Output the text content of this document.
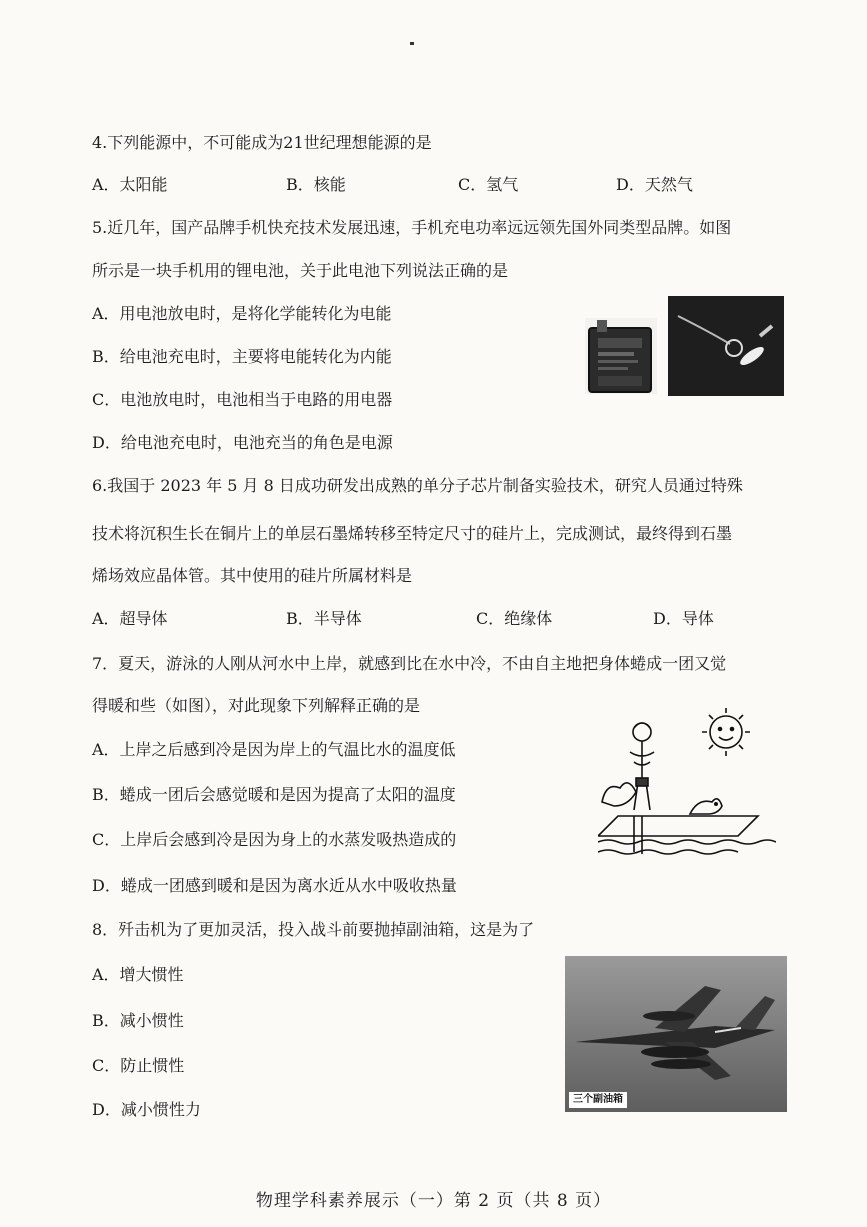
4.下列能源中，不可能成为21世纪理想能源的是
A．太阳能	B．核能	C．氢气	D．天然气
5.近几年，国产品牌手机快充技术发展迅速，手机充电功率远远领先国外同类型品牌。如图
所示是一块手机用的锂电池，关于此电池下列说法正确的是
A．用电池放电时，是将化学能转化为电能
B．给电池充电时，主要将电能转化为内能
C．电池放电时，电池相当于电路的用电器
D．给电池充电时，电池充当的角色是电源
6.我国于 2023 年 5 月 8 日成功研发出成熟的单分子芯片制备实验技术，研究人员通过特殊
技术将沉积生长在铜片上的单层石墨烯转移至特定尺寸的硅片上，完成测试，最终得到石墨
烯场效应晶体管。其中使用的硅片所属材料是
A．超导体	B．半导体	C．绝缘体	D．导体
7．夏天，游泳的人刚从河水中上岸，就感到比在水中冷，不由自主地把身体蜷成一团又觉
得暖和些（如图），对此现象下列解释正确的是
A．上岸之后感到冷是因为岸上的气温比水的温度低
B．蜷成一团后会感觉暖和是因为提高了太阳的温度
C．上岸后会感到冷是因为身上的水蒸发吸热造成的
D．蜷成一团感到暖和是因为离水近从水中吸收热量
8．歼击机为了更加灵活，投入战斗前要抛掉副油箱，这是为了
A．增大惯性
B．减小惯性
C．防止惯性
D．减小惯性力
三个副油箱
物理学科素养展示（一）第 2 页（共 8 页）
